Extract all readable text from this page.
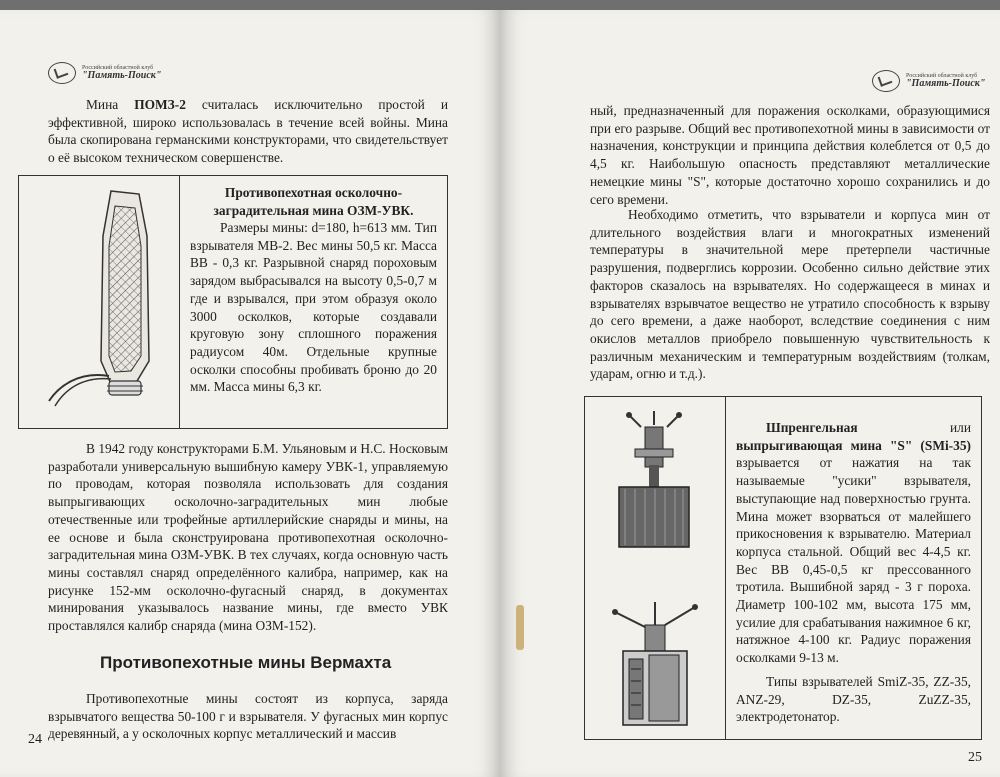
Российский областной клуб
"Память-Поиск"

Мина ПОМЗ-2 считалась исключительно простой и эффективной, широко использовалась в течение всей войны. Мина была скопирована германскими конструкторами, что свидетельствует о её высоком техническом совершенстве.

Противопехотная осколочно-заградительная мина ОЗМ-УВК.

Размеры мины: d=180, h=613 мм. Тип взрывателя МВ-2. Вес мины 50,5 кг. Масса ВВ - 0,3 кг. Разрывной снаряд пороховым зарядом выбрасывался на высоту 0,5-0,7 м где и взрывался, при этом образуя около 3000 осколков, которые создавали круговую зону сплошного поражения радиусом 40м. Отдельные крупные осколки способны пробивать броню до 20 мм. Масса мины 6,3 кг.

В 1942 году конструкторами Б.М. Ульяновым и Н.С. Носковым разработали универсальную вышибную камеру УВК-1, управляемую по проводам, которая позволяла использовать для создания выпрыгивающих осколочно-заградительных мин любые отечественные или трофейные артиллерийские снаряды и мины, на ее основе и была сконструирована противопехотная осколочно-заградительная мина ОЗМ-УВК. В тех случаях, когда основную часть мины составлял снаряд определённого калибра, например, как на рисунке 152-мм осколочно-фугасный снаряд, в документах минирования указывалось название мины, где вместо УВК проставлялся калибр снаряда (мина ОЗМ-152).

Противопехотные мины Вермахта

Противопехотные мины состоят из корпуса, заряда взрывчатого вещества 50-100 г и взрывателя. У фугасных мин корпус деревянный, а у осколочных корпус металлический и массив

24
Российский областной клуб
"Память-Поиск"

ный, предназначенный для поражения осколками, образующимися при его разрыве. Общий вес противопехотной мины в зависимости от назначения, конструкции и принципа действия колеблется от 0,5 до 4,5 кг. Наибольшую опасность представляют металлические немецкие мины "S", которые достаточно хорошо сохранились и до сего времени.

Необходимо отметить, что взрыватели и корпуса мин от длительного воздействия влаги и многократных изменений температуры в значительной мере претерпели частичные разрушения, подверглись коррозии. Особенно сильно действие этих факторов сказалось на взрывателях. Но содержащееся в минах и взрывателях взрывчатое вещество не утратило способность к взрыву до сего времени, а даже наоборот, вследствие соединения с ним окислов металлов приобрело повышенную чувствительность к различным механическим и температурным воздействиям (толкам, ударам, огню и т.д.).

Шпренгельная или выпрыгивающая мина "S" (SMi-35) взрывается от нажатия на так называемые "усики" взрывателя, выступающие над поверхностью грунта. Мина может взорваться от малейшего прикосновения к взрывателю. Материал корпуса стальной. Общий вес 4-4,5 кг. Вес ВВ 0,45-0,5 кг прессованного тротила. Вышибной заряд - 3 г пороха. Диаметр 100-102 мм, высота 175 мм, усилие для срабатывания нажимное 6 кг, натяжное 4-100 кг. Радиус поражения осколками 9-13 м.

Типы взрывателей SmiZ-35, ZZ-35, ANZ-29, DZ-35, ZuZZ-35, электродетонатор.

25
